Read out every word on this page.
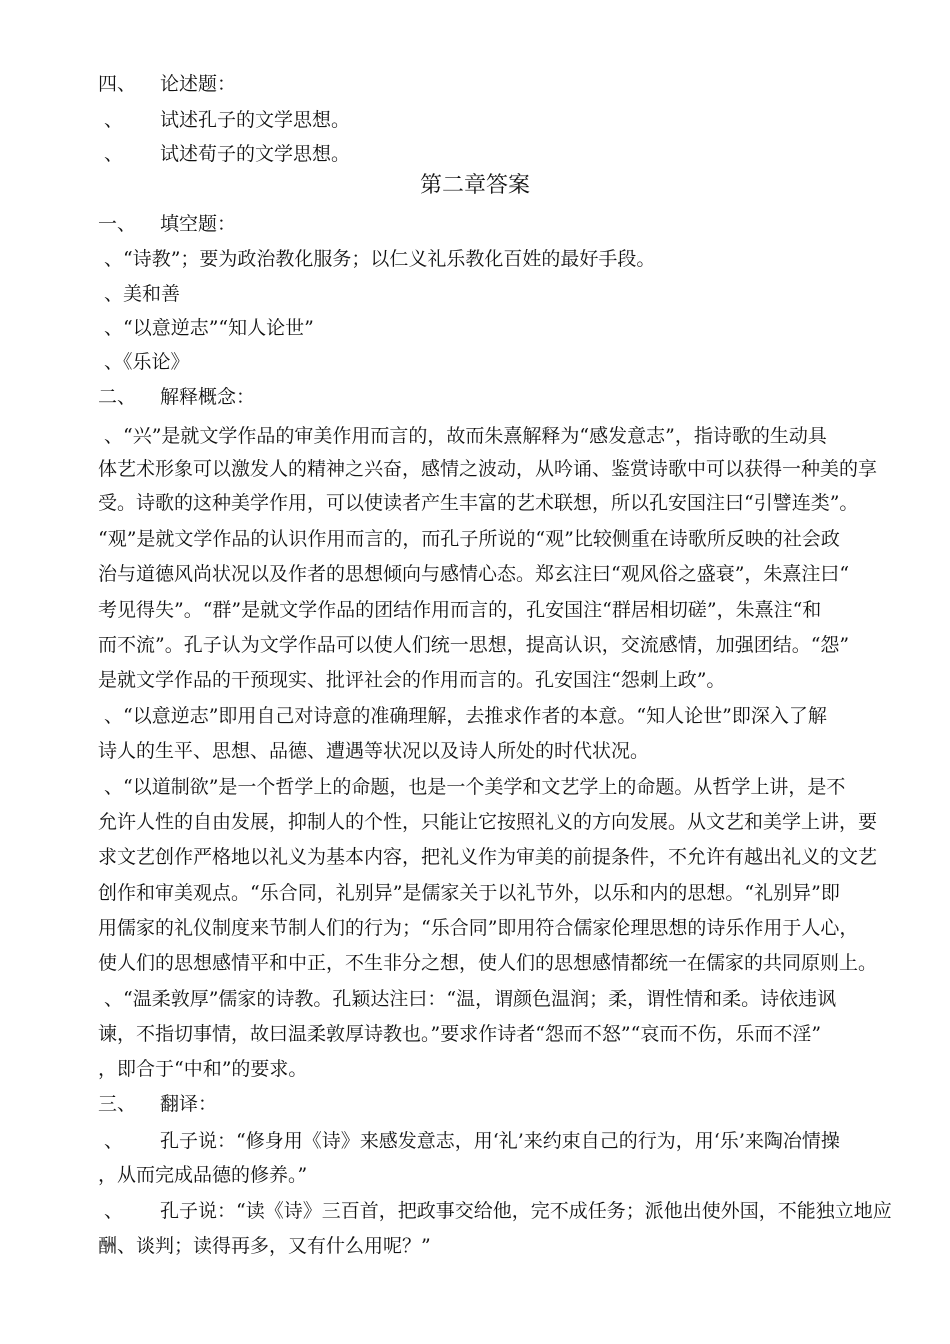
四、 论述题：
、 试述孔子的文学思想。
、 试述荀子的文学思想。
第二章答案
一、 填空题：
、“诗教”；要为政治教化服务；以仁义礼乐教化百姓的最好手段。
、美和善
、“以意逆志”“知人论世”
、《乐论》
二、 解释概念：
、“兴”是就文学作品的审美作用而言的，故而朱熹解释为“感发意志”，指诗歌的生动具
体艺术形象可以激发人的精神之兴奋，感情之波动，从吟诵、鉴赏诗歌中可以获得一种美的享
受。诗歌的这种美学作用，可以使读者产生丰富的艺术联想，所以孔安国注曰“引譬连类”。
“观”是就文学作品的认识作用而言的，而孔子所说的“观”比较侧重在诗歌所反映的社会政
治与道德风尚状况以及作者的思想倾向与感情心态。郑玄注曰“观风俗之盛衰”，朱熹注曰“
考见得失”。“群”是就文学作品的团结作用而言的，孔安国注“群居相切磋”，朱熹注“和
而不流”。孔子认为文学作品可以使人们统一思想，提高认识，交流感情，加强团结。“怨”
是就文学作品的干预现实、批评社会的作用而言的。孔安国注“怨刺上政”。
、“以意逆志”即用自己对诗意的准确理解，去推求作者的本意。“知人论世”即深入了解
诗人的生平、思想、品德、遭遇等状况以及诗人所处的时代状况。
、“以道制欲”是一个哲学上的命题，也是一个美学和文艺学上的命题。从哲学上讲，是不
允许人性的自由发展，抑制人的个性，只能让它按照礼义的方向发展。从文艺和美学上讲，要
求文艺创作严格地以礼义为基本内容，把礼义作为审美的前提条件，不允许有越出礼义的文艺
创作和审美观点。“乐合同，礼别异”是儒家关于以礼节外，以乐和内的思想。“礼别异”即
用儒家的礼仪制度来节制人们的行为；“乐合同”即用符合儒家伦理思想的诗乐作用于人心，
使人们的思想感情平和中正，不生非分之想，使人们的思想感情都统一在儒家的共同原则上。
、“温柔敦厚”儒家的诗教。孔颖达注曰：“温，谓颜色温润；柔，谓性情和柔。诗依违讽
谏，不指切事情，故曰温柔敦厚诗教也。”要求作诗者“怨而不怒”“哀而不伤，乐而不淫”
，即合于“中和”的要求。
三、 翻译：
、 孔子说：“修身用《诗》来感发意志，用‘礼’来约束自己的行为，用‘乐’来陶冶情操
，从而完成品德的修养。”
、 孔子说：“读《诗》三百首，把政事交给他，完不成任务；派他出使外国，不能独立地应
酬、谈判；读得再多，又有什么用呢？”
